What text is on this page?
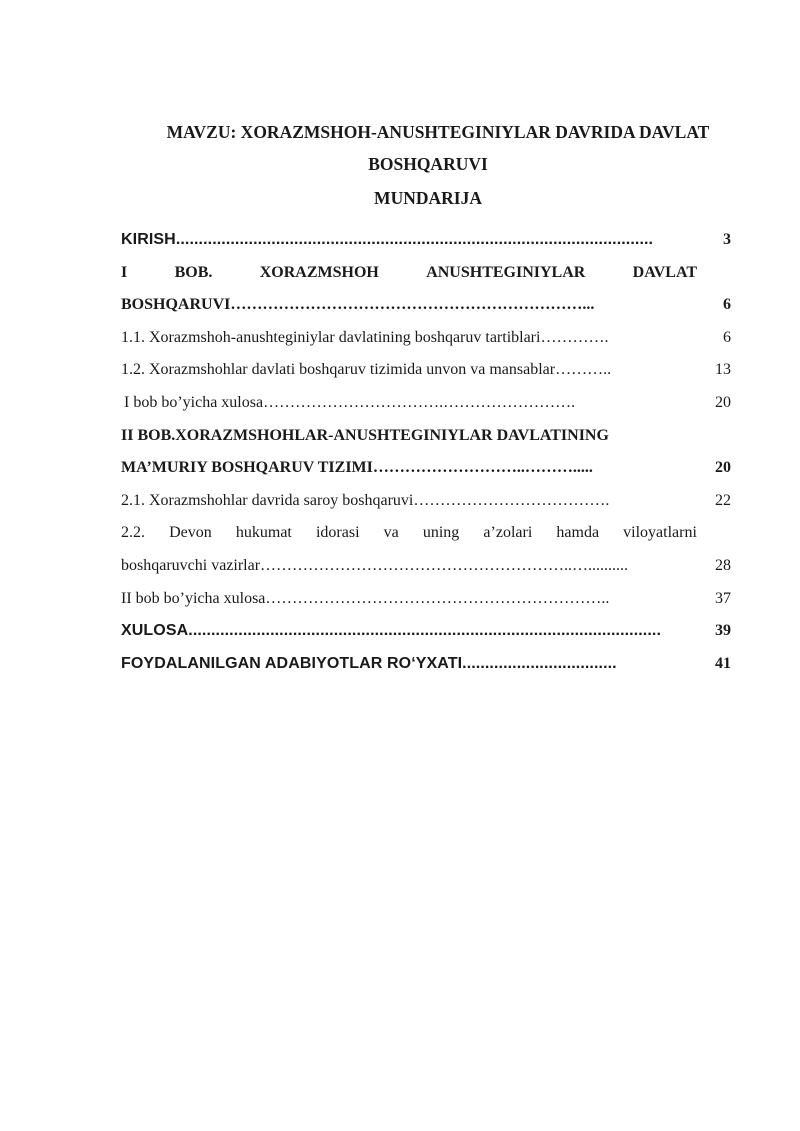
MAVZU: XORAZMSHOH-ANUSHTEGINIYLAR DAVRIDA DAVLAT
BOSHQARUVI
MUNDARIJA
KIRISH.........................................................................................................	3
I	BOB.	XORAZMSHOH	ANUSHTEGINIYLAR	DAVLAT
BOSHQARUVI…………………………………………………………...	6
1.1. Xorazmshoh-anushteginiylar davlatining boshqaruv tartiblari………….	6
1.2. Xorazmshohlar davlati boshqaruv tizimida unvon va mansablar………..	13
I bob bo’yicha xulosa…………………………….…………………….	20
II BOB.XORAZMSHOHLAR-ANUSHTEGINIYLAR DAVLATINING
MA’MURIY BOSHQARUV TIZIMI………………………..……….....	20
2.1. Xorazmshohlar davrida saroy boshqaruvi……………………………….	22
2.2. Devon hukumat idorasi va uning a’zolari hamda viloyatlarni
boshqaruvchi vazirlar…………………………………………………..…..........	28
II bob bo’yicha xulosa………………………………………………………..	37
XULOSA........................................................................................................	39
FOYDALANILGAN ADABIYOTLAR RO‘YXATI..................................	41
